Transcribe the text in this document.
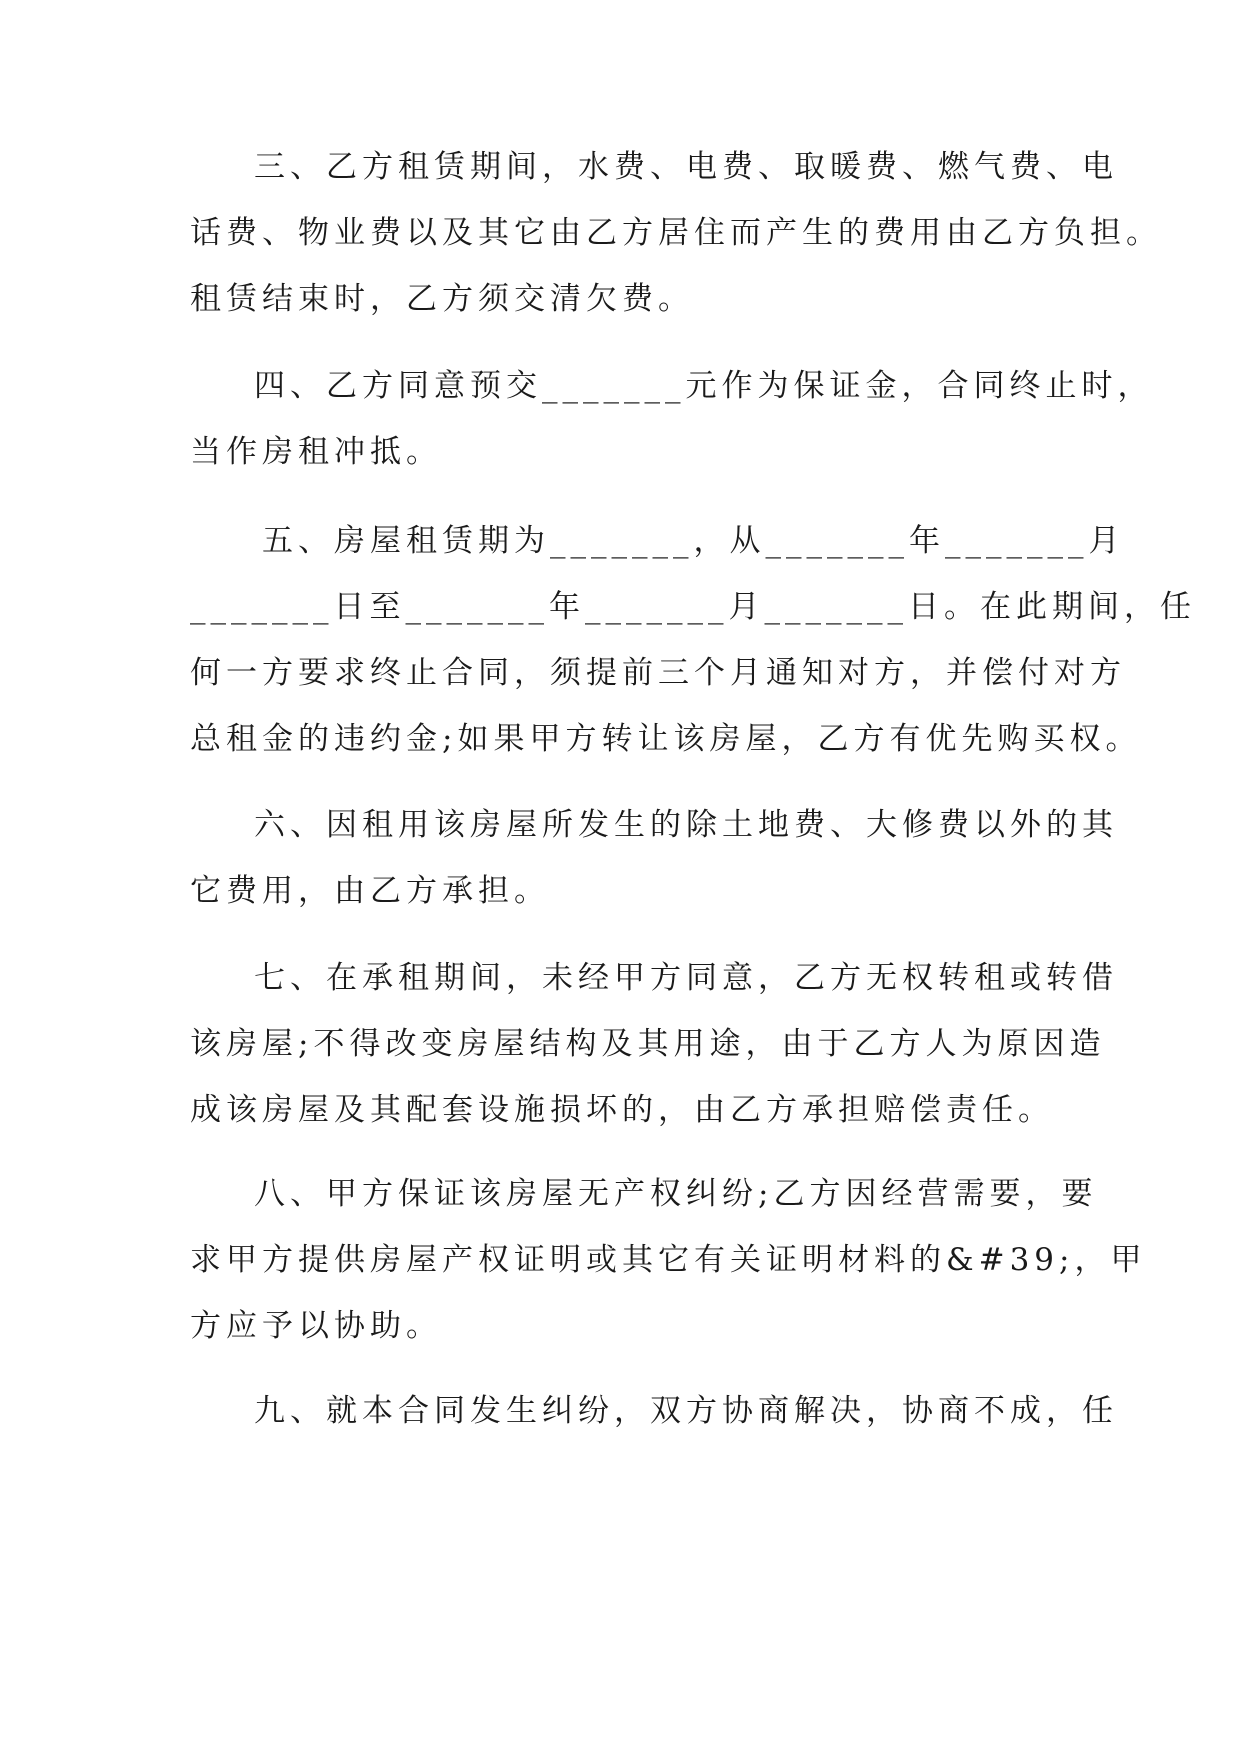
三、乙方租赁期间，水费、电费、取暖费、燃气费、电
话费、物业费以及其它由乙方居住而产生的费用由乙方负担。
租赁结束时，乙方须交清欠费。
四、乙方同意预交_______元作为保证金，合同终止时，
当作房租冲抵。
五、房屋租赁期为_______，从_______年_______月
_______日至_______年_______月_______日。在此期间，任
何一方要求终止合同，须提前三个月通知对方，并偿付对方
总租金的违约金;如果甲方转让该房屋，乙方有优先购买权。
六、因租用该房屋所发生的除土地费、大修费以外的其
它费用，由乙方承担。
七、在承租期间，未经甲方同意，乙方无权转租或转借
该房屋;不得改变房屋结构及其用途，由于乙方人为原因造
成该房屋及其配套设施损坏的，由乙方承担赔偿责任。
八、甲方保证该房屋无产权纠纷;乙方因经营需要，要
求甲方提供房屋产权证明或其它有关证明材料的&#39;，甲
方应予以协助。
九、就本合同发生纠纷，双方协商解决，协商不成，任
